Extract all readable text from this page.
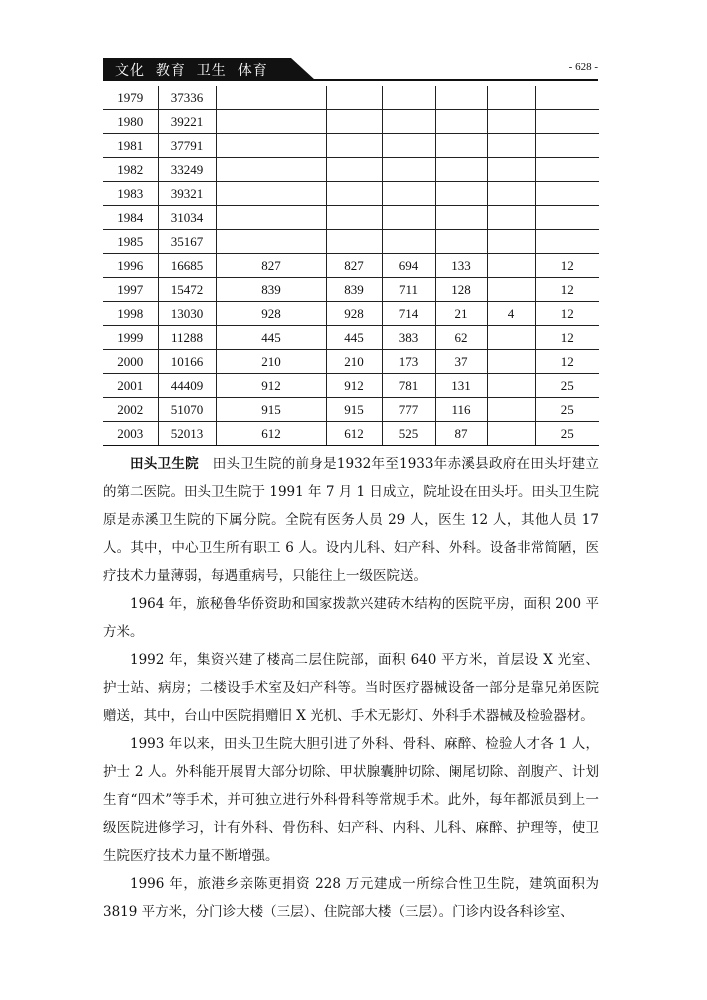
文化  教育  卫生  体育	- 628 -
1979	37336						
1980	39221						
1981	37791						
1982	33249						
1983	39321						
1984	31034						
1985	35167						
1996	16685	827	827	694	133		12
1997	15472	839	839	711	128		12
1998	13030	928	928	714	21	4	12
1999	11288	445	445	383	62		12
2000	10166	210	210	173	37		12
2001	44409	912	912	781	131		25
2002	51070	915	915	777	116		25
2003	52013	612	612	525	87		25

田头卫生院　 田头卫生院的前身是1932年至1933年赤溪县政府在田头圩建立的第二医院。田头卫生院于 1991 年 7 月 1 日成立，院址设在田头圩。田头卫生院原是赤溪卫生院的下属分院。全院有医务人员 29 人，医生 12 人，其他人员 17 人。其中，中心卫生所有职工 6 人。设内儿科、妇产科、外科。设备非常简陋，医疗技术力量薄弱，每遇重病号，只能往上一级医院送。

1964 年，旅秘鲁华侨资助和国家拨款兴建砖木结构的医院平房，面积 200 平方米。

1992 年，集资兴建了楼高二层住院部，面积 640 平方米，首层设 X 光室、护士站、病房；二楼设手术室及妇产科等。当时医疗器械设备一部分是靠兄弟医院赠送，其中，台山中医院捐赠旧 X 光机、手术无影灯、外科手术器械及检验器材。

1993 年以来，田头卫生院大胆引进了外科、骨科、麻醉、检验人才各 1 人，护士 2 人。外科能开展胃大部分切除、甲状腺囊肿切除、阑尾切除、剖腹产、计划生育“四术”等手术，并可独立进行外科骨科等常规手术。此外，每年都派员到上一级医院进修学习，计有外科、骨伤科、妇产科、内科、儿科、麻醉、护理等，使卫生院医疗技术力量不断增强。

1996 年，旅港乡亲陈更捐资 228 万元建成一所综合性卫生院，建筑面积为 3819 平方米，分门诊大楼（三层）、住院部大楼（三层）。门诊内设各科诊室、
